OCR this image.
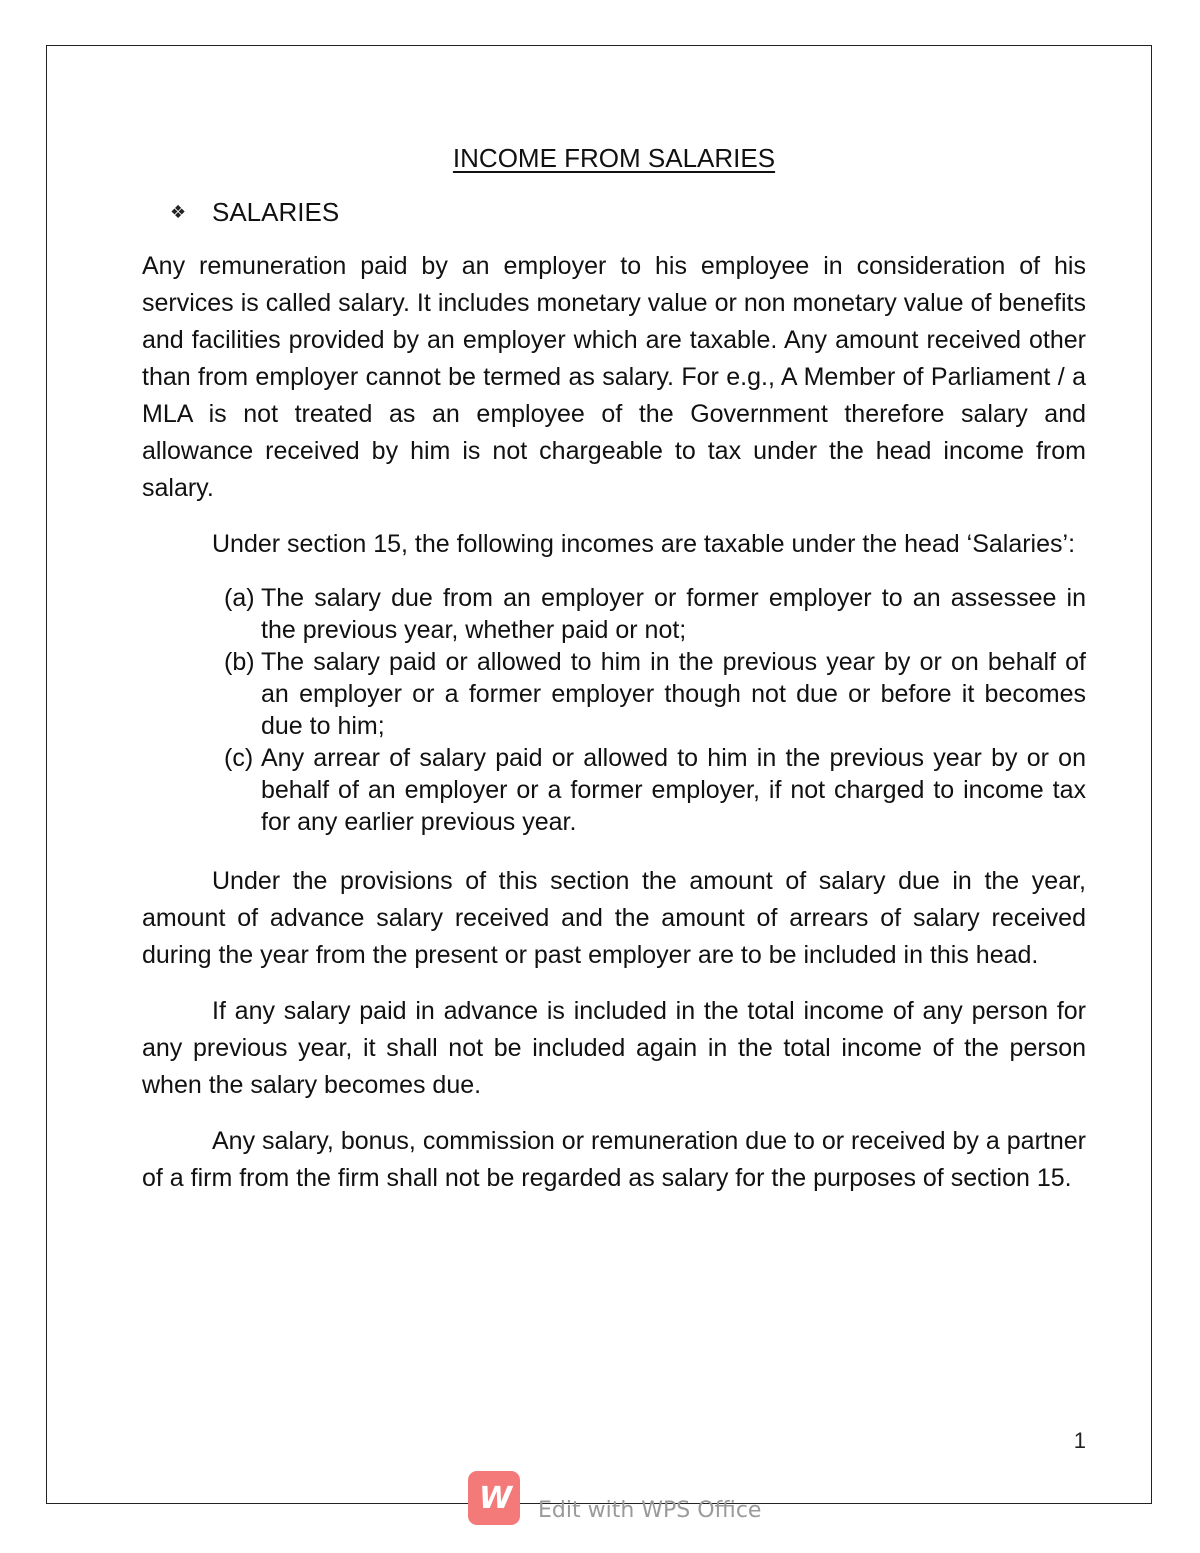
INCOME FROM SALARIES
❖ SALARIES

Any remuneration paid by an employer to his employee in consideration of his services is called salary. It includes monetary value or non monetary value of benefits and facilities provided by an employer which are taxable. Any amount received other than from employer cannot be termed as salary. For e.g., A Member of Parliament / a MLA is not treated as an employee of the Government therefore salary and allowance received by him is not chargeable to tax under the head income from salary.

Under section 15, the following incomes are taxable under the head ‘Salaries’:

(a) The salary due from an employer or former employer to an assessee in the previous year, whether paid or not;
(b) The salary paid or allowed to him in the previous year by or on behalf of an employer or a former employer though not due or before it becomes due to him;
(c) Any arrear of salary paid or allowed to him in the previous year by or on behalf of an employer or a former employer, if not charged to income tax for any earlier previous year.

Under the provisions of this section the amount of salary due in the year, amount of advance salary received and the amount of arrears of salary received during the year from the present or past employer are to be included in this head.

If any salary paid in advance is included in the total income of any person for any previous year, it shall not be included again in the total income of the person when the salary becomes due.

Any salary, bonus, commission or remuneration due to or received by a partner of a firm from the firm shall not be regarded as salary for the purposes of section 15.

1
W	Edit with WPS Office
